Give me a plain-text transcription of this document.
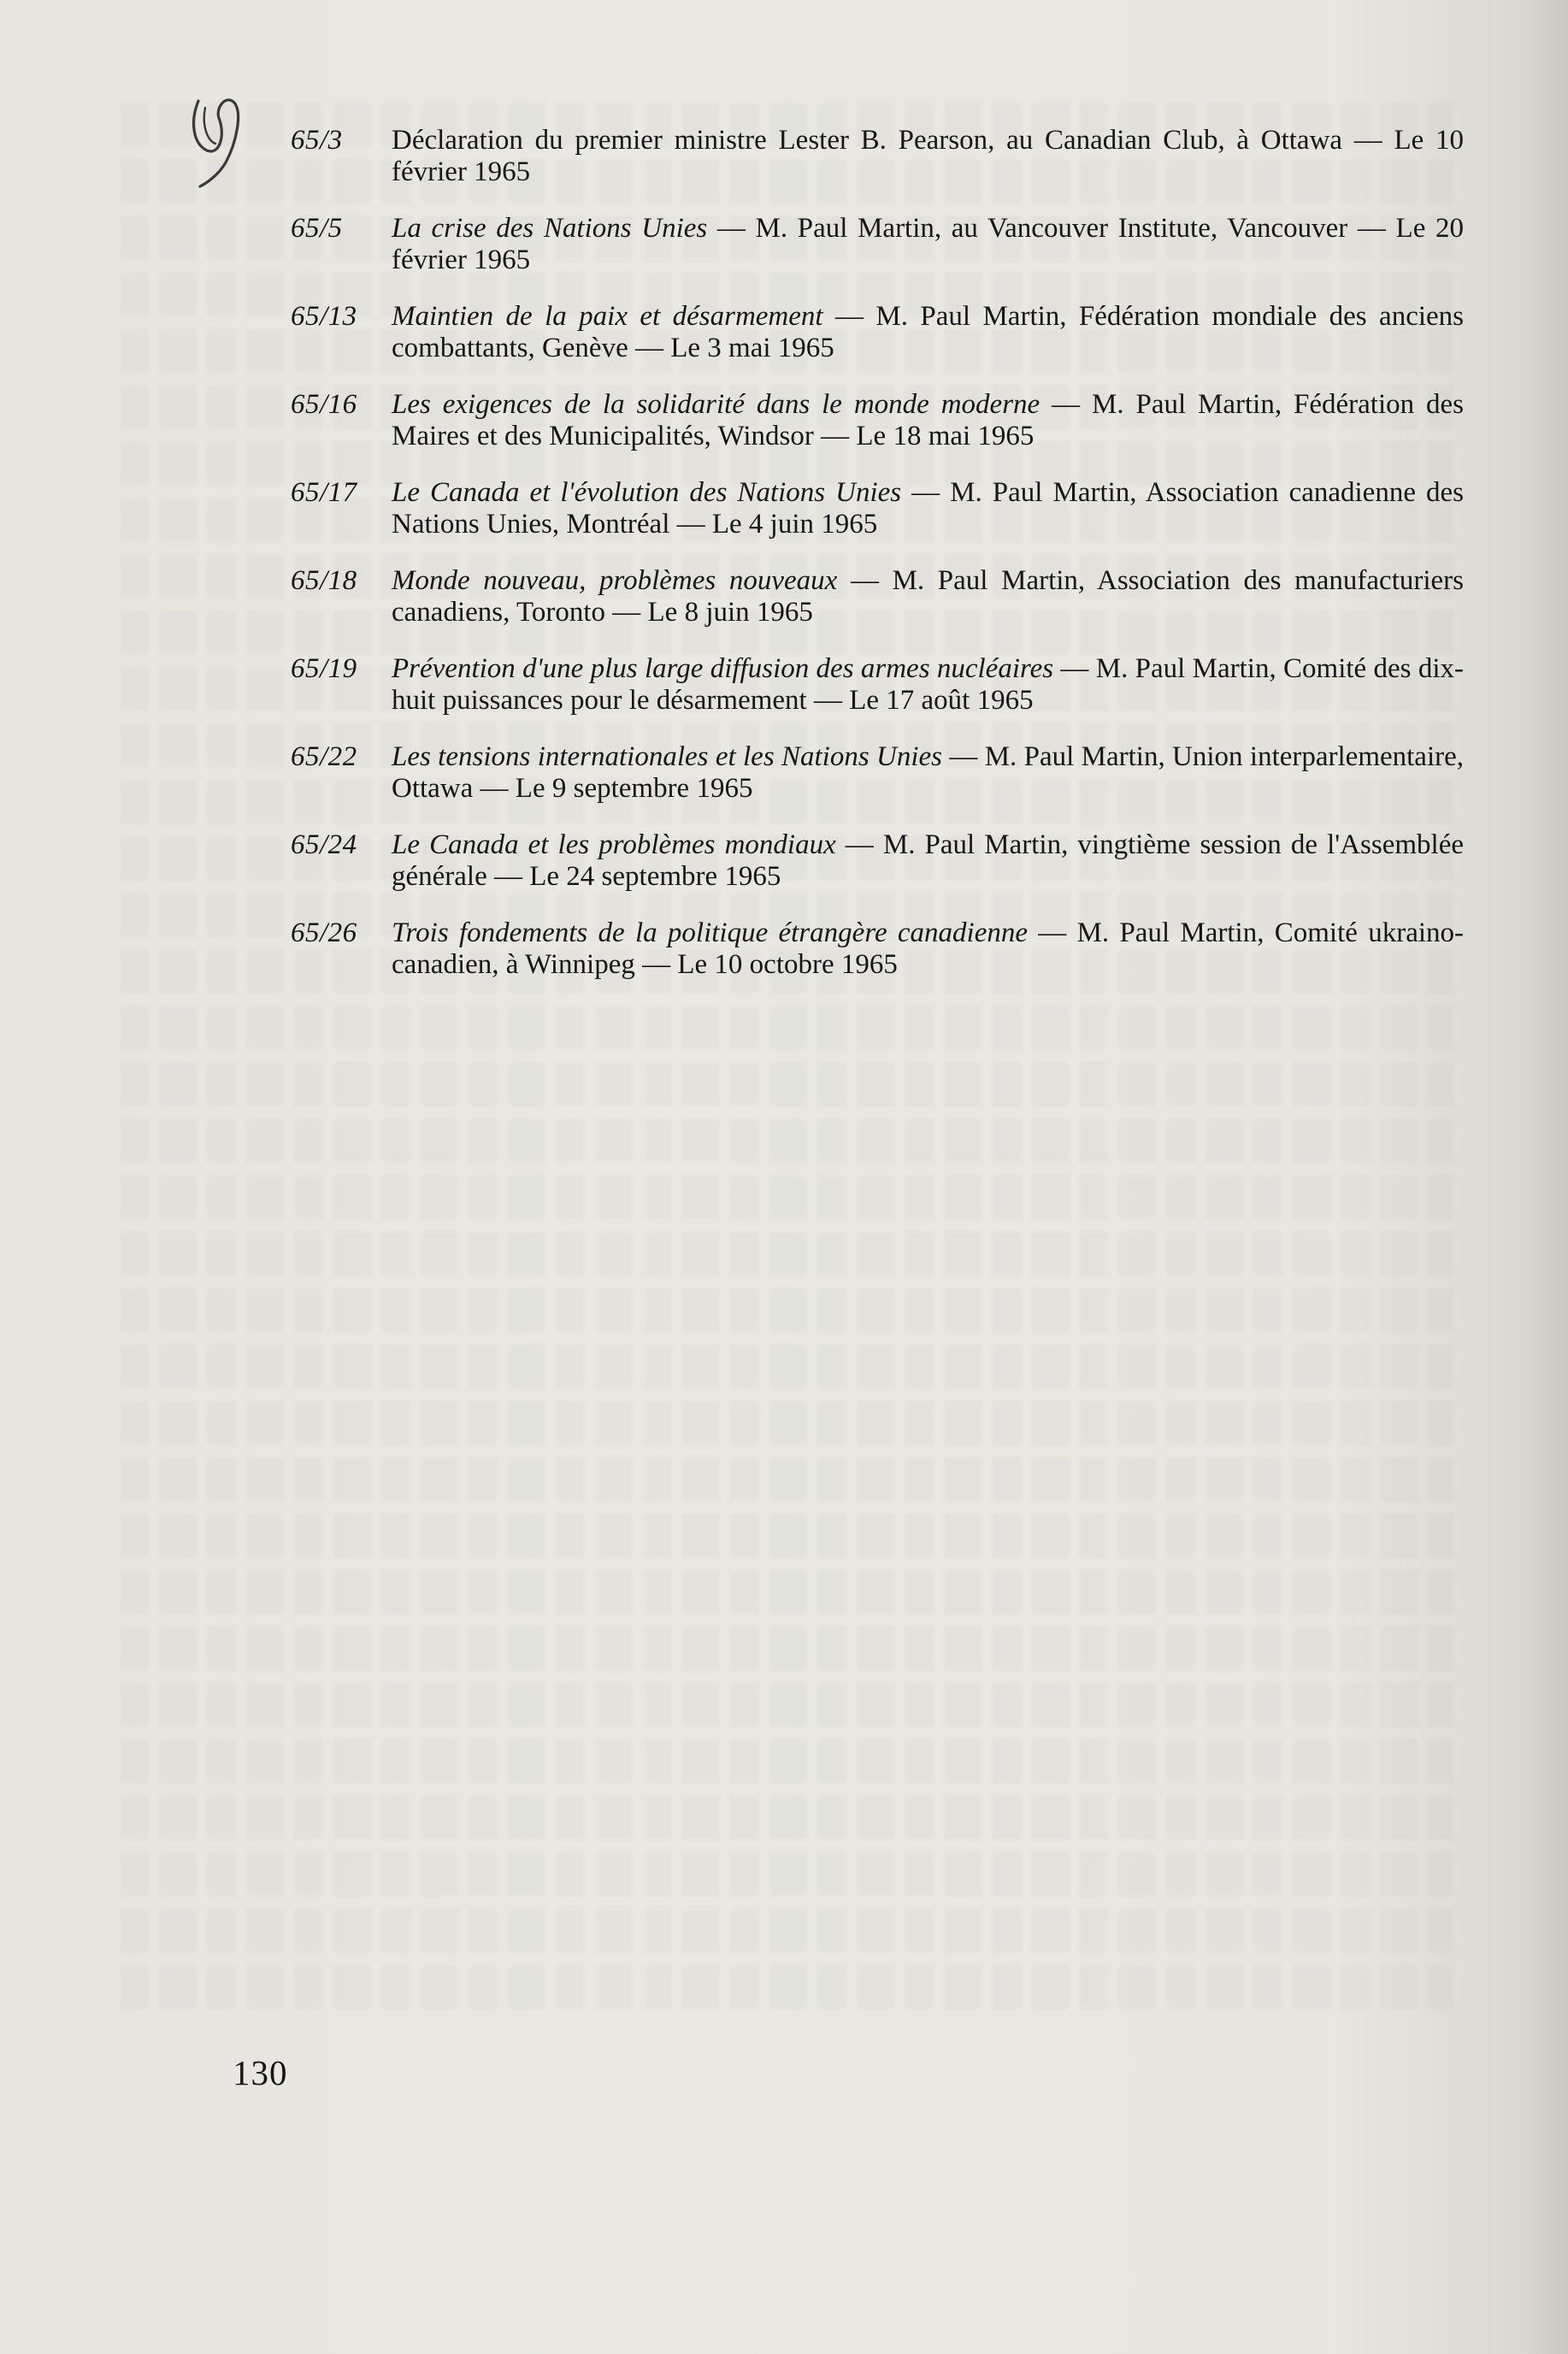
65/3 Déclaration du premier ministre Lester B. Pearson, au Canadian Club, à Ottawa — Le 10 février 1965
65/5 La crise des Nations Unies — M. Paul Martin, au Vancouver Institute, Vancouver — Le 20 février 1965
65/13 Maintien de la paix et désarmement — M. Paul Martin, Fédération mondiale des anciens combattants, Genève — Le 3 mai 1965
65/16 Les exigences de la solidarité dans le monde moderne — M. Paul Martin, Fédération des Maires et des Municipalités, Windsor — Le 18 mai 1965
65/17 Le Canada et l'évolution des Nations Unies — M. Paul Martin, Association canadienne des Nations Unies, Montréal — Le 4 juin 1965
65/18 Monde nouveau, problèmes nouveaux — M. Paul Martin, Association des manufacturiers canadiens, Toronto — Le 8 juin 1965
65/19 Prévention d'une plus large diffusion des armes nucléaires — M. Paul Martin, Comité des dix-huit puissances pour le désarmement — Le 17 août 1965
65/22 Les tensions internationales et les Nations Unies — M. Paul Martin, Union interparlementaire, Ottawa — Le 9 septembre 1965
65/24 Le Canada et les problèmes mondiaux — M. Paul Martin, vingtième session de l'Assemblée générale — Le 24 septembre 1965
65/26 Trois fondements de la politique étrangère canadienne — M. Paul Martin, Comité ukraino-canadien, à Winnipeg — Le 10 octobre 1965
130
